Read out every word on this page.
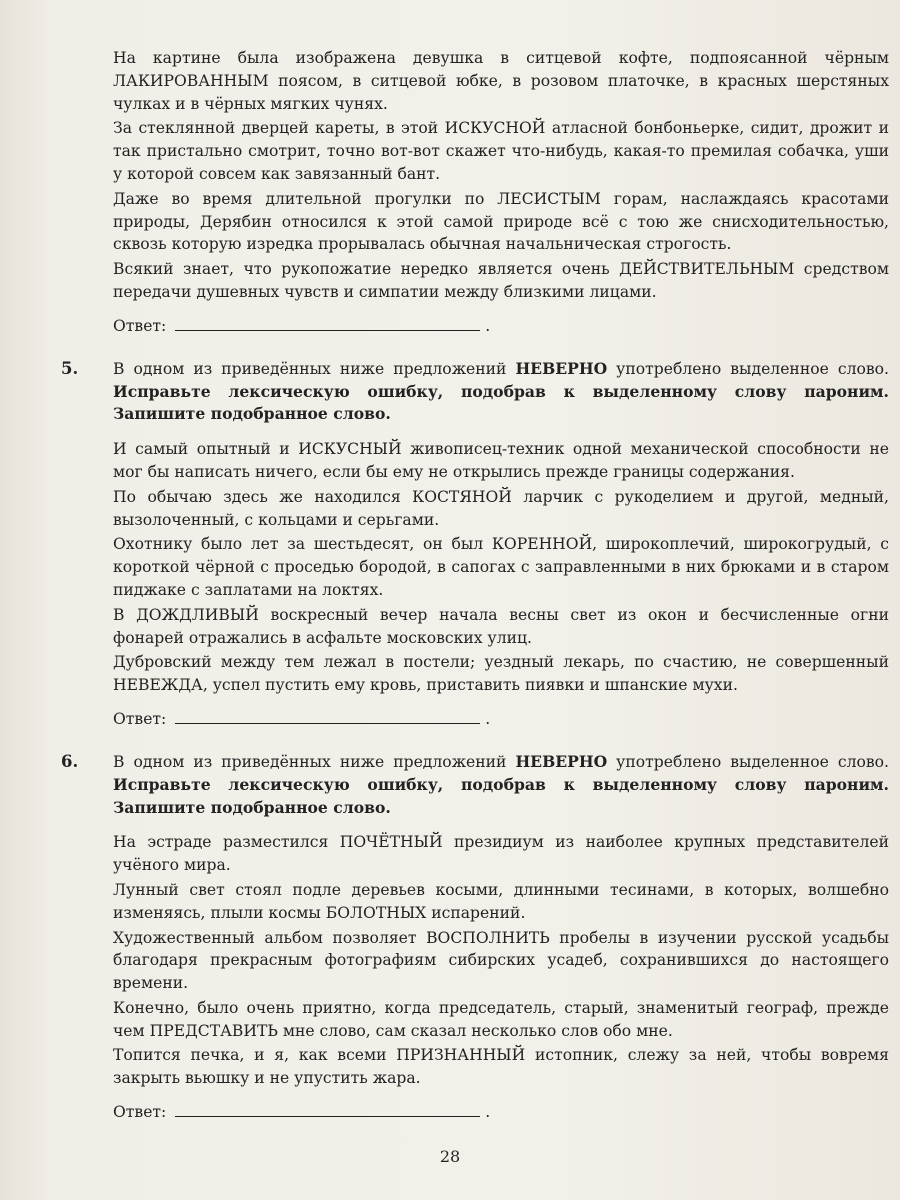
На картине была изображена девушка в ситцевой кофте, подпоясанной чёрным ЛАКИРОВАННЫМ поясом, в ситцевой юбке, в розовом платочке, в красных шерстяных чулках и в чёрных мягких чунях.

За стеклянной дверцей кареты, в этой ИСКУСНОЙ атласной бонбоньерке, сидит, дрожит и так пристально смотрит, точно вот-вот скажет что-нибудь, какая-то премилая собачка, уши у которой совсем как завязанный бант.

Даже во время длительной прогулки по ЛЕСИСТЫМ горам, наслаждаясь красотами природы, Дерябин относился к этой самой природе всё с тою же снисходительностью, сквозь которую изредка прорывалась обычная начальническая строгость.

Всякий знает, что рукопожатие нередко является очень ДЕЙСТВИТЕЛЬНЫМ средством передачи душевных чувств и симпатии между близкими лицами.

Ответ:	.
5. В одном из приведённых ниже предложений НЕВЕРНО употреблено выделенное слово. Исправьте лексическую ошибку, подобрав к выделенному слову пароним. Запишите подобранное слово.

И самый опытный и ИСКУСНЫЙ живописец-техник одной механической способности не мог бы написать ничего, если бы ему не открылись прежде границы содержания.

По обычаю здесь же находился КОСТЯНОЙ ларчик с рукоделием и другой, медный, вызолоченный, с кольцами и серьгами.

Охотнику было лет за шестьдесят, он был КОРЕННОЙ, широкоплечий, широкогрудый, с короткой чёрной с проседью бородой, в сапогах с заправленными в них брюками и в старом пиджаке с заплатами на локтях.

В ДОЖДЛИВЫЙ воскресный вечер начала весны свет из окон и бесчисленные огни фонарей отражались в асфальте московских улиц.

Дубровский между тем лежал в постели; уездный лекарь, по счастию, не совершенный НЕВЕЖДА, успел пустить ему кровь, приставить пиявки и шпанские мухи.

Ответ:	.
6. В одном из приведённых ниже предложений НЕВЕРНО употреблено выделенное слово. Исправьте лексическую ошибку, подобрав к выделенному слову пароним. Запишите подобранное слово.

На эстраде разместился ПОЧЁТНЫЙ президиум из наиболее крупных представителей учёного мира.

Лунный свет стоял подле деревьев косыми, длинными тесинами, в которых, волшебно изменяясь, плыли космы БОЛОТНЫХ испарений.

Художественный альбом позволяет ВОСПОЛНИТЬ пробелы в изучении русской усадьбы благодаря прекрасным фотографиям сибирских усадеб, сохранившихся до настоящего времени.

Конечно, было очень приятно, когда председатель, старый, знаменитый географ, прежде чем ПРЕДСТАВИТЬ мне слово, сам сказал несколько слов обо мне.

Топится печка, и я, как всеми ПРИЗНАННЫЙ истопник, слежу за ней, чтобы вовремя закрыть вьюшку и не упустить жара.

Ответ:	.
28
